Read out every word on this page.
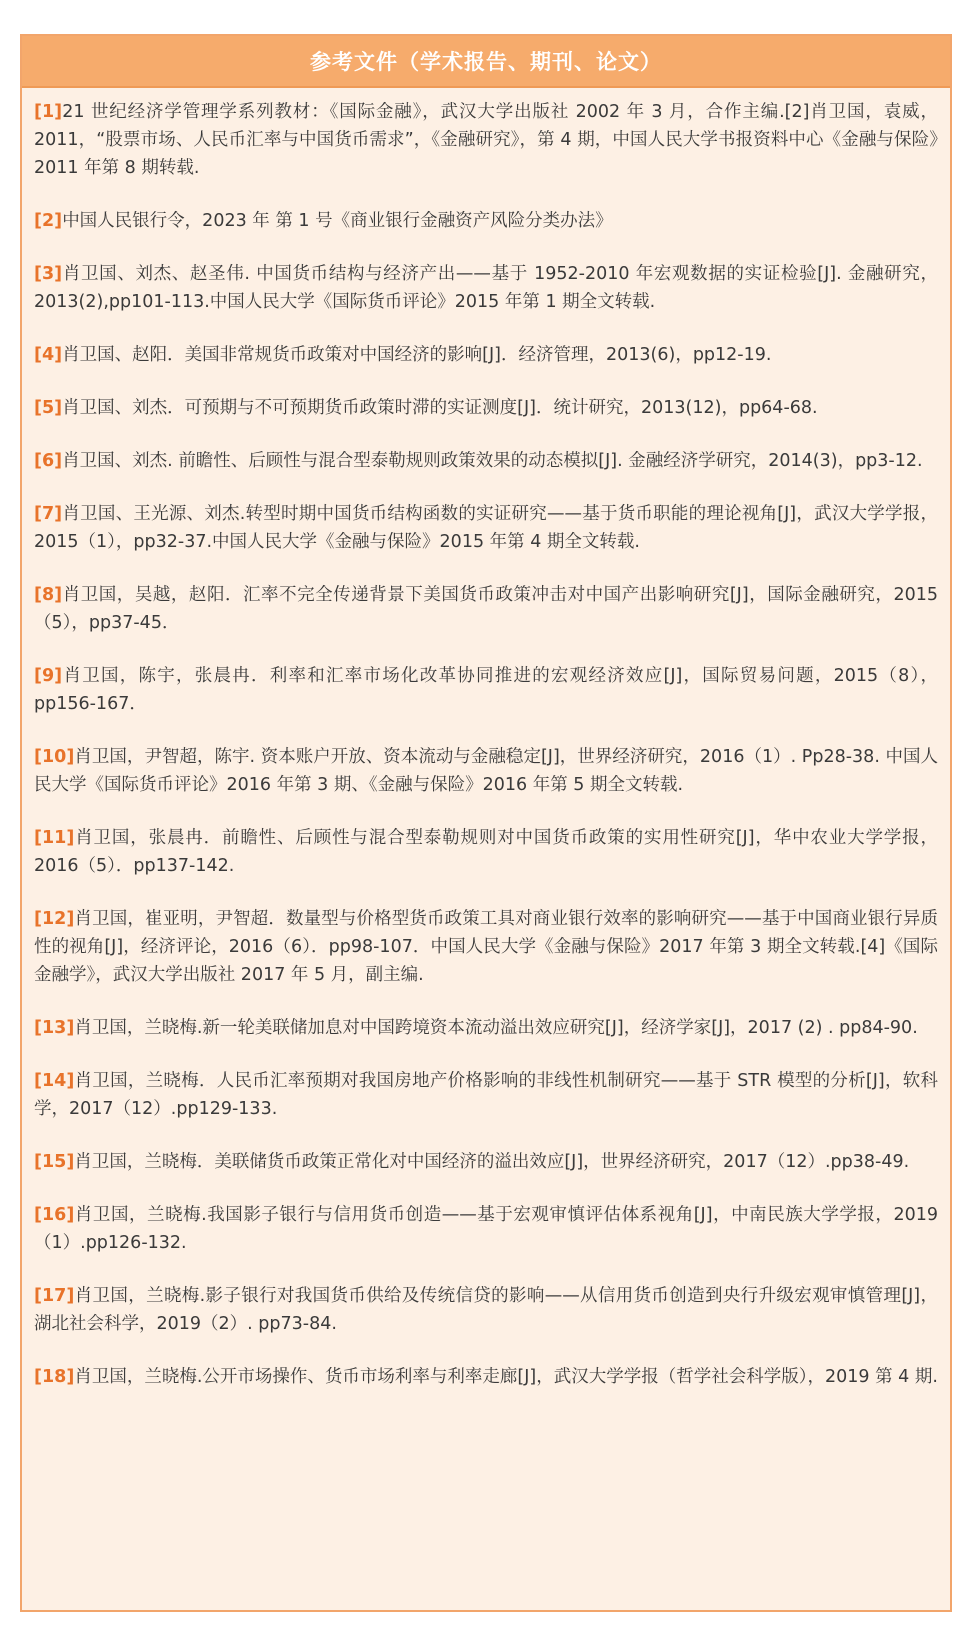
参考文件（学术报告、期刊、论文）

[1]21 世纪经济学管理学系列教材：《国际金融》，武汉大学出版社 2002 年 3 月，合作主编.[2]肖卫国，袁威，2011，“股票市场、人民币汇率与中国货币需求”，《金融研究》，第 4 期，中国人民大学书报资料中心《金融与保险》2011 年第 8 期转载.

[2]中国人民银行令，2023 年 第 1 号《商业银行金融资产风险分类办法》

[3]肖卫国、刘杰、赵圣伟. 中国货币结构与经济产出——基于 1952-2010 年宏观数据的实证检验[J]. 金融研究，2013(2),pp101-113.中国人民大学《国际货币评论》2015 年第 1 期全文转载.

[4]肖卫国、赵阳．美国非常规货币政策对中国经济的影响[J]．经济管理，2013(6)，pp12-19.

[5]肖卫国、刘杰．可预期与不可预期货币政策时滞的实证测度[J]．统计研究，2013(12)，pp64-68.

[6]肖卫国、刘杰. 前瞻性、后顾性与混合型泰勒规则政策效果的动态模拟[J]. 金融经济学研究，2014(3)，pp3-12.

[7]肖卫国、王光源、刘杰.转型时期中国货币结构函数的实证研究——基于货币职能的理论视角[J]，武汉大学学报，2015（1），pp32-37.中国人民大学《金融与保险》2015 年第 4 期全文转载.

[8]肖卫国，吴越，赵阳．汇率不完全传递背景下美国货币政策冲击对中国产出影响研究[J]，国际金融研究，2015（5），pp37-45．

[9]肖卫国，陈宇，张晨冉．利率和汇率市场化改革协同推进的宏观经济效应[J]，国际贸易问题，2015（8），pp156-167．

[10]肖卫国，尹智超，陈宇. 资本账户开放、资本流动与金融稳定[J]，世界经济研究，2016（1）. Pp28-38. 中国人民大学《国际货币评论》2016 年第 3 期、《金融与保险》2016 年第 5 期全文转载.

[11]肖卫国，张晨冉．前瞻性、后顾性与混合型泰勒规则对中国货币政策的实用性研究[J]，华中农业大学学报，2016（5）．pp137-142.

[12]肖卫国，崔亚明，尹智超．数量型与价格型货币政策工具对商业银行效率的影响研究——基于中国商业银行异质性的视角[J]，经济评论，2016（6）．pp98-107．中国人民大学《金融与保险》2017 年第 3 期全文转载.[4]《国际金融学》，武汉大学出版社 2017 年 5 月，副主编.

[13]肖卫国，兰晓梅.新一轮美联储加息对中国跨境资本流动溢出效应研究[J]，经济学家[J]，2017 (2) . pp84-90.

[14]肖卫国，兰晓梅．人民币汇率预期对我国房地产价格影响的非线性机制研究——基于 STR 模型的分析[J]，软科学，2017（12）.pp129-133.

[15]肖卫国，兰晓梅．美联储货币政策正常化对中国经济的溢出效应[J]，世界经济研究，2017（12）.pp38-49.

[16]肖卫国，兰晓梅.我国影子银行与信用货币创造——基于宏观审慎评估体系视角[J]，中南民族大学学报，2019（1）.pp126-132.

[17]肖卫国，兰晓梅.影子银行对我国货币供给及传统信贷的影响——从信用货币创造到央行升级宏观审慎管理[J]，湖北社会科学，2019（2）. pp73-84.

[18]肖卫国，兰晓梅.公开市场操作、货币市场利率与利率走廊[J]，武汉大学学报（哲学社会科学版），2019 第 4 期.
